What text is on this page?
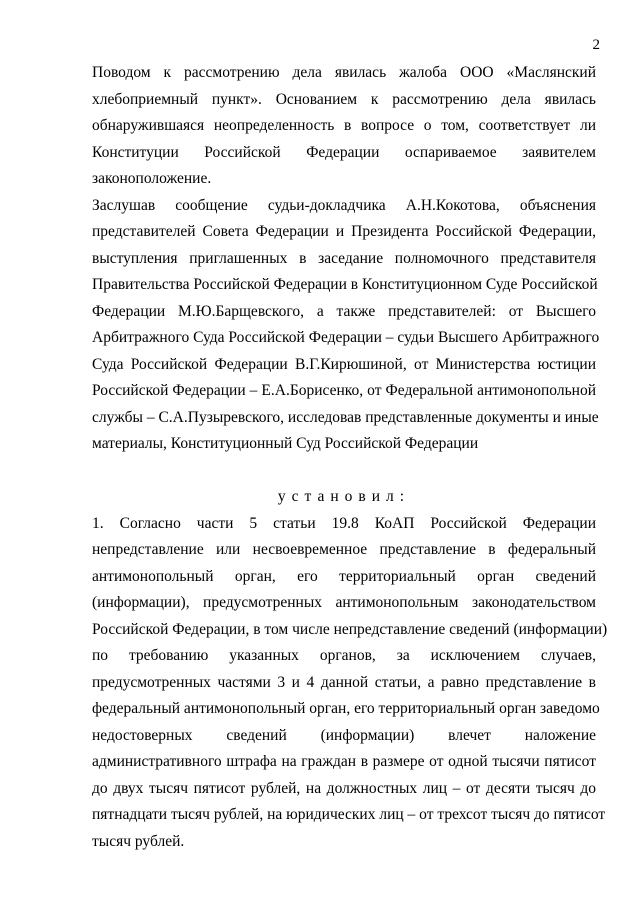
2
Поводом к рассмотрению дела явилась жалоба ООО «Маслянский
хлебоприемный пункт». Основанием к рассмотрению дела явилась
обнаружившаяся неопределенность в вопросе о том, соответствует ли
Конституции Российской Федерации оспариваемое заявителем
законоположение.
Заслушав сообщение судьи-докладчика А.Н.Кокотова, объяснения
представителей Совета Федерации и Президента Российской Федерации,
выступления приглашенных в заседание полномочного представителя
Правительства Российской Федерации в Конституционном Суде Российской
Федерации М.Ю.Барщевского, а также представителей: от Высшего
Арбитражного Суда Российской Федерации – судьи Высшего Арбитражного
Суда Российской Федерации В.Г.Кирюшиной, от Министерства юстиции
Российской Федерации – Е.А.Борисенко, от Федеральной антимонопольной
службы – С.А.Пузыревского, исследовав представленные документы и иные
материалы, Конституционный Суд Российской Федерации
установил:
1. Согласно части 5 статьи 19.8 КоАП Российской Федерации
непредставление или несвоевременное представление в федеральный
антимонопольный орган, его территориальный орган сведений
(информации), предусмотренных антимонопольным законодательством
Российской Федерации, в том числе непредставление сведений (информации)
по требованию указанных органов, за исключением случаев,
предусмотренных частями 3 и 4 данной статьи, а равно представление в
федеральный антимонопольный орган, его территориальный орган заведомо
недостоверных сведений (информации) влечет наложение
административного штрафа на граждан в размере от одной тысячи пятисот
до двух тысяч пятисот рублей, на должностных лиц – от десяти тысяч до
пятнадцати тысяч рублей, на юридических лиц – от трехсот тысяч до пятисот
тысяч рублей.
